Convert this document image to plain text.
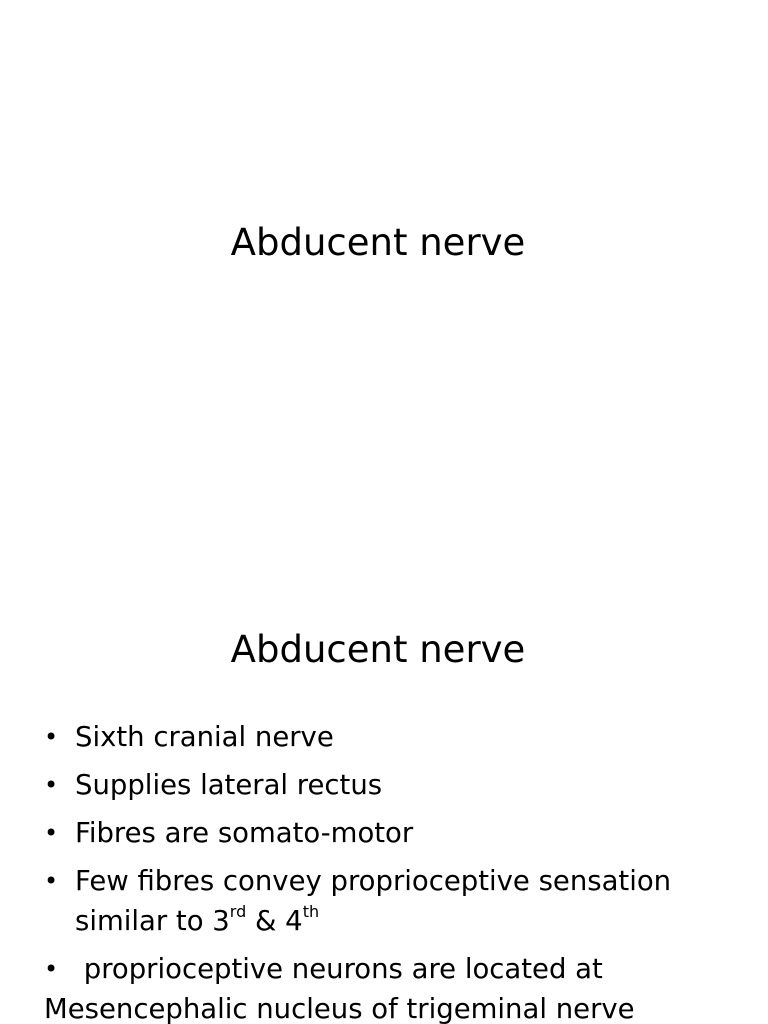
Abducent nerve
Abducent nerve
• Sixth cranial nerve
• Supplies lateral rectus
• Fibres are somato-motor
• Few fibres convey proprioceptive sensation
similar to 3rd & 4th
• proprioceptive neurons are located at
Mesencephalic nucleus of trigeminal nerve
